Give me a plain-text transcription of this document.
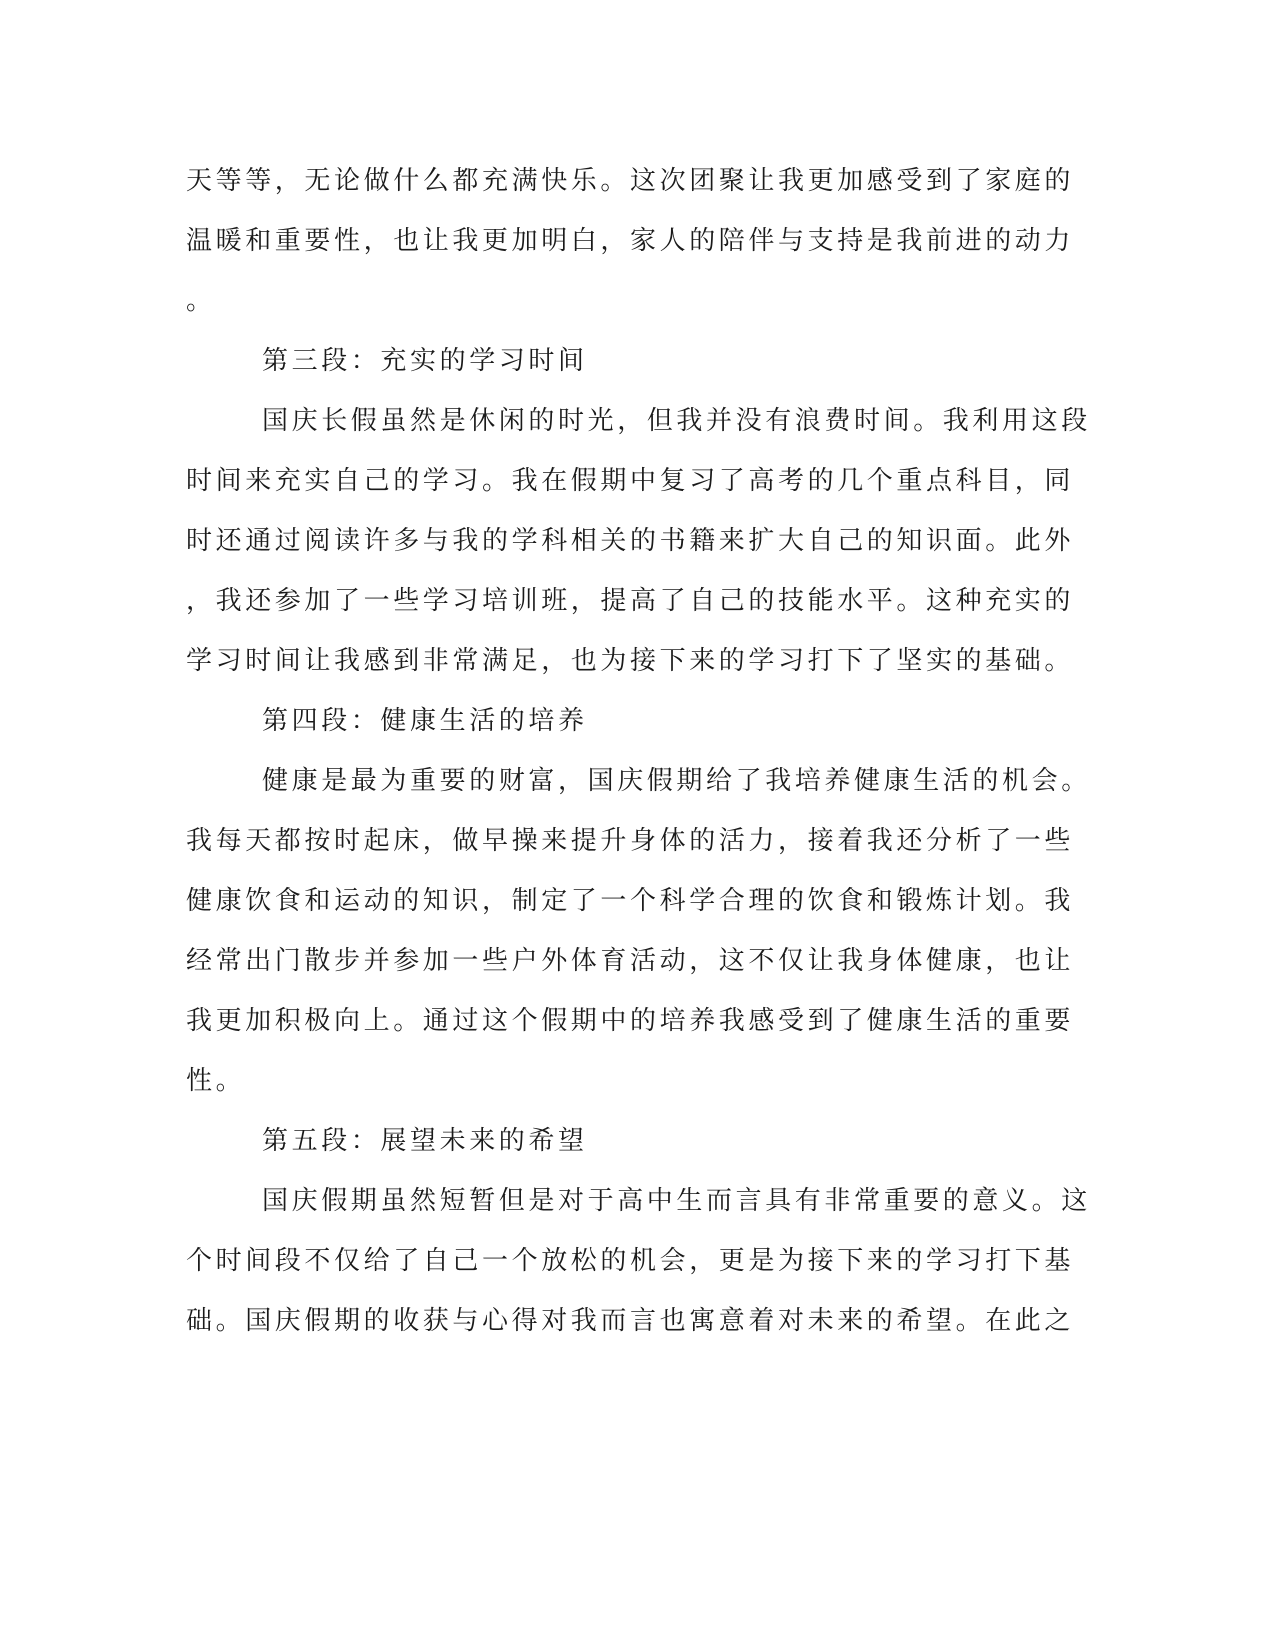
天等等，无论做什么都充满快乐。这次团聚让我更加感受到了家庭的
温暖和重要性，也让我更加明白，家人的陪伴与支持是我前进的动力
。
第三段：充实的学习时间
国庆长假虽然是休闲的时光，但我并没有浪费时间。我利用这段
时间来充实自己的学习。我在假期中复习了高考的几个重点科目，同
时还通过阅读许多与我的学科相关的书籍来扩大自己的知识面。此外
，我还参加了一些学习培训班，提高了自己的技能水平。这种充实的
学习时间让我感到非常满足，也为接下来的学习打下了坚实的基础。
第四段：健康生活的培养
健康是最为重要的财富，国庆假期给了我培养健康生活的机会。
我每天都按时起床，做早操来提升身体的活力，接着我还分析了一些
健康饮食和运动的知识，制定了一个科学合理的饮食和锻炼计划。我
经常出门散步并参加一些户外体育活动，这不仅让我身体健康，也让
我更加积极向上。通过这个假期中的培养我感受到了健康生活的重要
性。
第五段：展望未来的希望
国庆假期虽然短暂但是对于高中生而言具有非常重要的意义。这
个时间段不仅给了自己一个放松的机会，更是为接下来的学习打下基
础。国庆假期的收获与心得对我而言也寓意着对未来的希望。在此之
